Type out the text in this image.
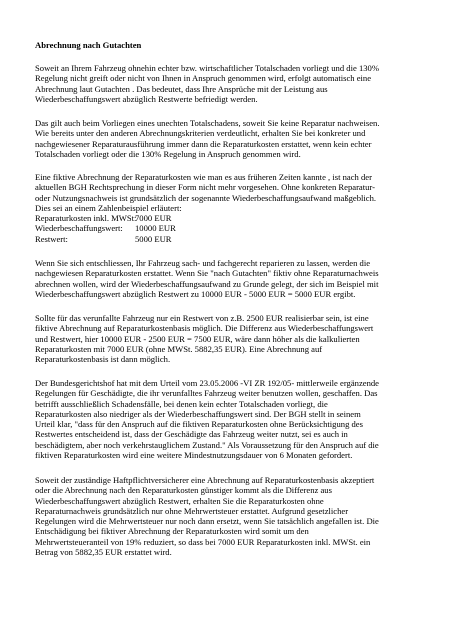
Abrechnung nach Gutachten
Soweit an Ihrem Fahrzeug ohnehin echter bzw. wirtschaftlicher Totalschaden vorliegt und die 130%
Regelung nicht greift oder nicht von Ihnen in Anspruch genommen wird, erfolgt automatisch eine
Abrechnung laut Gutachten . Das bedeutet, dass Ihre Ansprüche mit der Leistung aus
Wiederbeschaffungswert abzüglich Restwerte befriedigt werden.
Das gilt auch beim Vorliegen eines unechten Totalschadens, soweit Sie keine Reparatur nachweisen.
Wie bereits unter den anderen Abrechnungskriterien verdeutlicht, erhalten Sie bei konkreter und
nachgewiesener Reparaturausführung immer dann die Reparaturkosten erstattet, wenn kein echter
Totalschaden vorliegt oder die 130% Regelung in Anspruch genommen wird.
Eine fiktive Abrechnung der Reparaturkosten wie man es aus früheren Zeiten kannte , ist nach der
aktuellen BGH Rechtsprechung in dieser Form nicht mehr vorgesehen. Ohne konkreten Reparatur-
oder Nutzungsnachweis ist grundsätzlich der sogenannte Wiederbeschaffungsaufwand maßgeblich.
Dies sei an einem Zahlenbeispiel erläutert:
Reparaturkosten inkl. MWSt:
7000 EUR
Wiederbeschaffungswert:	10000 EUR
Restwert:	5000 EUR
Wenn Sie sich entschliessen, Ihr Fahrzeug sach- und fachgerecht reparieren zu lassen, werden die
nachgewiesen Reparaturkosten erstattet. Wenn Sie "nach Gutachten" fiktiv ohne Reparaturnachweis
abrechnen wollen, wird der Wiederbeschaffungsaufwand zu Grunde gelegt, der sich im Beispiel mit
Wiederbeschaffungswert abzüglich Restwert zu 10000 EUR - 5000 EUR = 5000 EUR ergibt.
Sollte für das verunfallte Fahrzeug nur ein Restwert von z.B. 2500 EUR realisierbar sein, ist eine
fiktive Abrechnung auf Reparaturkostenbasis möglich. Die Differenz aus Wiederbeschaffungswert
und Restwert, hier 10000 EUR - 2500 EUR = 7500 EUR, wäre dann höher als die kalkulierten
Reparaturkosten mit 7000 EUR (ohne MWSt. 5882,35 EUR). Eine Abrechnung auf
Reparaturkostenbasis ist dann möglich.
Der Bundesgerichtshof hat mit dem Urteil vom 23.05.2006 -VI ZR 192/05- mittlerweile ergänzende
Regelungen für Geschädigte, die ihr verunfalltes Fahrzeug weiter benutzen wollen, geschaffen. Das
betrifft ausschließlich Schadensfälle, bei denen kein echter Totalschaden vorliegt, die
Reparaturkosten also niedriger als der Wiederbeschaffungswert sind. Der BGH stellt in seinem
Urteil klar, "dass für den Anspruch auf die fiktiven Reparaturkosten ohne Berücksichtigung des
Restwertes entscheidend ist, dass der Geschädigte das Fahrzeug weiter nutzt, sei es auch in
beschädigtem, aber noch verkehrstauglichem Zustand." Als Voraussetzung für den Anspruch auf die
fiktiven Reparaturkosten wird eine weitere Mindestnutzungsdauer von 6 Monaten gefordert.
Soweit der zuständige Haftpflichtversicherer eine Abrechnung auf Reparaturkostenbasis akzeptiert
oder die Abrechnung nach den Reparaturkosten günstiger kommt als die Differenz aus
Wiederbeschaffungswert abzüglich Restwert, erhalten Sie die Reparaturkosten ohne
Reparaturnachweis grundsätzlich nur ohne Mehrwertsteuer erstattet. Aufgrund gesetzlicher
Regelungen wird die Mehrwertsteuer nur noch dann ersetzt, wenn Sie tatsächlich angefallen ist. Die
Entschädigung bei fiktiver Abrechnung der Reparaturkosten wird somit um den
Mehrwertsteueranteil von 19% reduziert, so dass bei 7000 EUR Reparaturkosten inkl. MWSt. ein
Betrag von 5882,35 EUR erstattet wird.
